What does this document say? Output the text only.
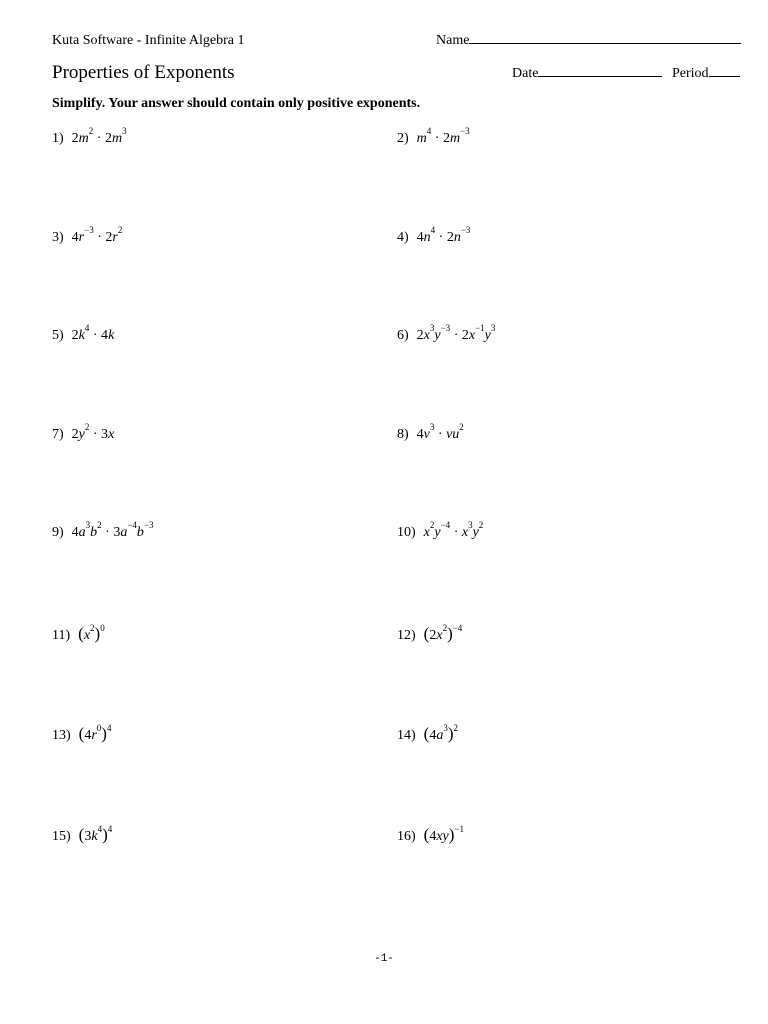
Kuta Software - Infinite Algebra 1	Name
Properties of Exponents	Date	Period
Simplify. Your answer should contain only positive exponents.
1) $2m^2 \cdot 2m^3$
3) $4r^{-3} \cdot 2r^2$
5) $2k^4 \cdot 4k$
7) $2y^2 \cdot 3x$
9) $4a^3b^2 \cdot 3a^{-4}b^{-3}$
11) $(x^2)^0$
13) $(4r^0)^4$
15) $(3k^4)^4$
2) $m^4 \cdot 2m^{-3}$
4) $4n^4 \cdot 2n^{-3}$
6) $2x^3y^{-3} \cdot 2x^{-1}y^3$
8) $4v^3 \cdot vu^2$
10) $x^2y^{-4} \cdot x^3y^2$
12) $(2x^2)^{-4}$
14) $(4a^3)^2$
16) $(4xy)^{-1}$
-1-
